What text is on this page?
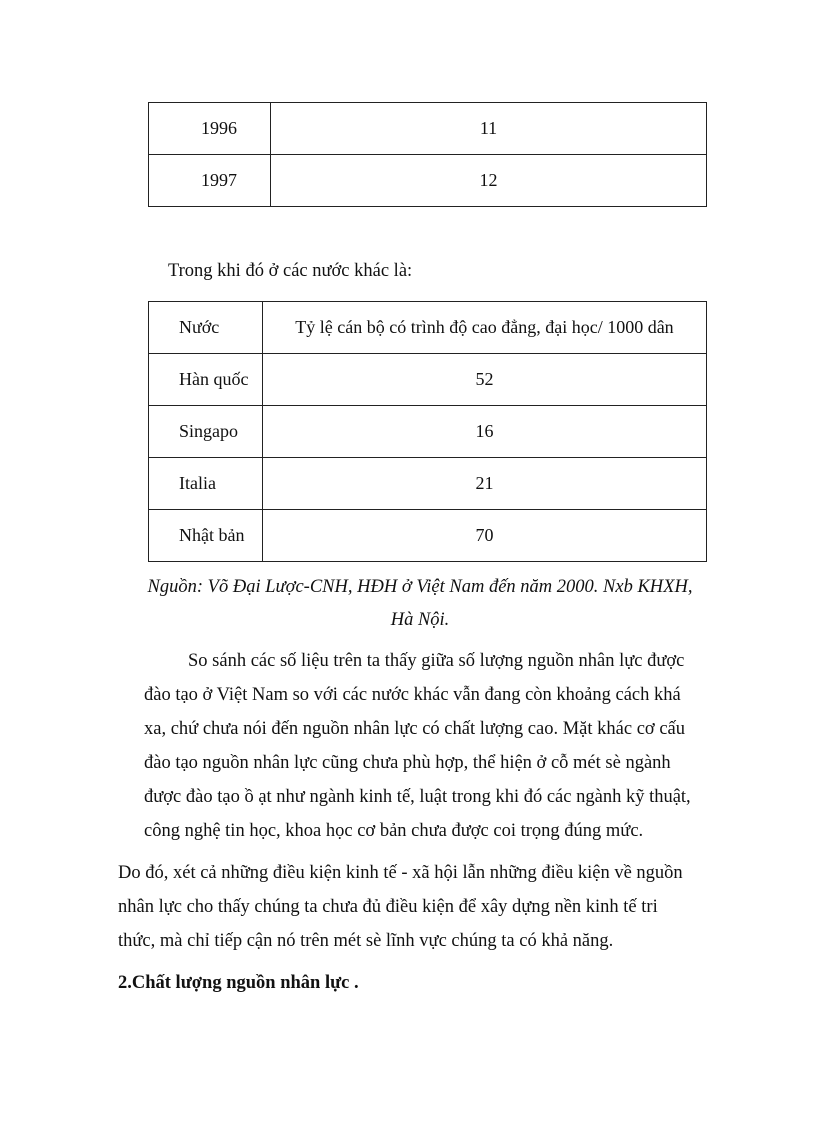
1996	11
1997	12

Trong khi đó ở các nước khác là:

Nước	Tỷ lệ cán bộ có trình độ cao đẳng, đại học/ 1000 dân
Hàn quốc	52
Singapo	16
Italia	21
Nhật bản	70
Nguồn: Võ Đại Lược-CNH, HĐH ở Việt Nam đến năm 2000. Nxb KHXH,
Hà Nội.
So sánh các số liệu trên ta thấy giữa số lượng nguồn nhân lực được
đào tạo ở Việt Nam so với các nước khác vẫn đang còn khoảng cách khá
xa, chứ chưa nói đến nguồn nhân lực có chất lượng cao. Mặt khác cơ cấu
đào tạo nguồn nhân lực cũng chưa phù hợp, thể hiện ở cỗ mét sè ngành
được đào tạo ồ ạt như ngành kinh tế, luật trong khi đó các ngành kỹ thuật,
công nghệ tin học, khoa học cơ bản chưa được coi trọng đúng mức.
Do đó, xét cả những điều kiện kinh tế - xã hội lẫn những điều kiện về nguồn
nhân lực cho thấy chúng ta chưa đủ điều kiện để xây dựng nền kinh tế tri
thức, mà chỉ tiếp cận nó trên mét sè lĩnh vực chúng ta có khả năng.
2.Chất lượng nguồn nhân lực .
